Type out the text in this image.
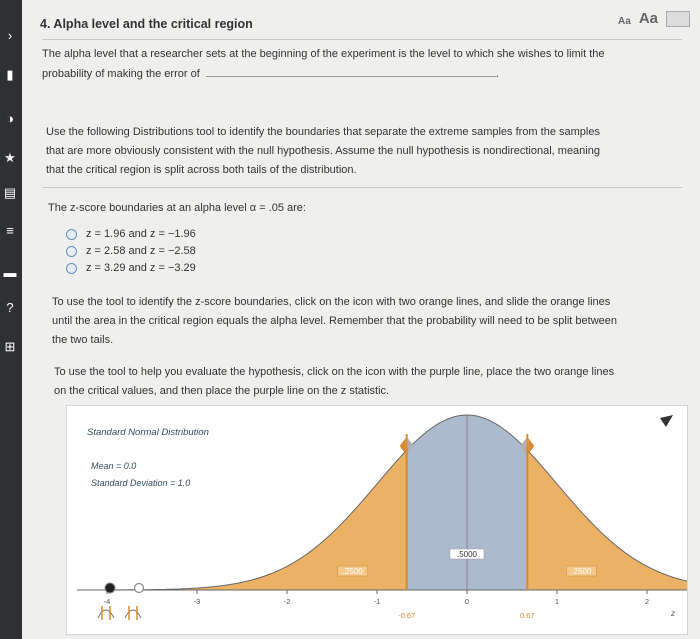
›
▮
◑
★
▤
≡
▬
?
⊞
4. Alpha level and the critical region	Aa Aa
The alpha level that a researcher sets at the beginning of the experiment is the level to which she wishes to limit the
probability of making the error of	.
Use the following Distributions tool to identify the boundaries that separate the extreme samples from the samples
that are more obviously consistent with the null hypothesis. Assume the null hypothesis is nondirectional, meaning
that the critical region is split across both tails of the distribution.
The z-score boundaries at an alpha level α = .05 are:
z = 1.96 and z = −1.96
z = 2.58 and z = −2.58
z = 3.29 and z = −3.29
To use the tool to identify the z-score boundaries, click on the icon with two orange lines, and slide the orange lines
until the area in the critical region equals the alpha level. Remember that the probability will need to be split between
the two tails.
To use the tool to help you evaluate the hypothesis, click on the icon with the purple line, place the two orange lines
on the critical values, and then place the purple line on the z statistic.
-4	-3	-2	-1	0	1	2
Standard Normal Distribution
Mean = 0.0
Standard Deviation = 1.0
.5000
.2500	.2500
-0.67	0.67	z
